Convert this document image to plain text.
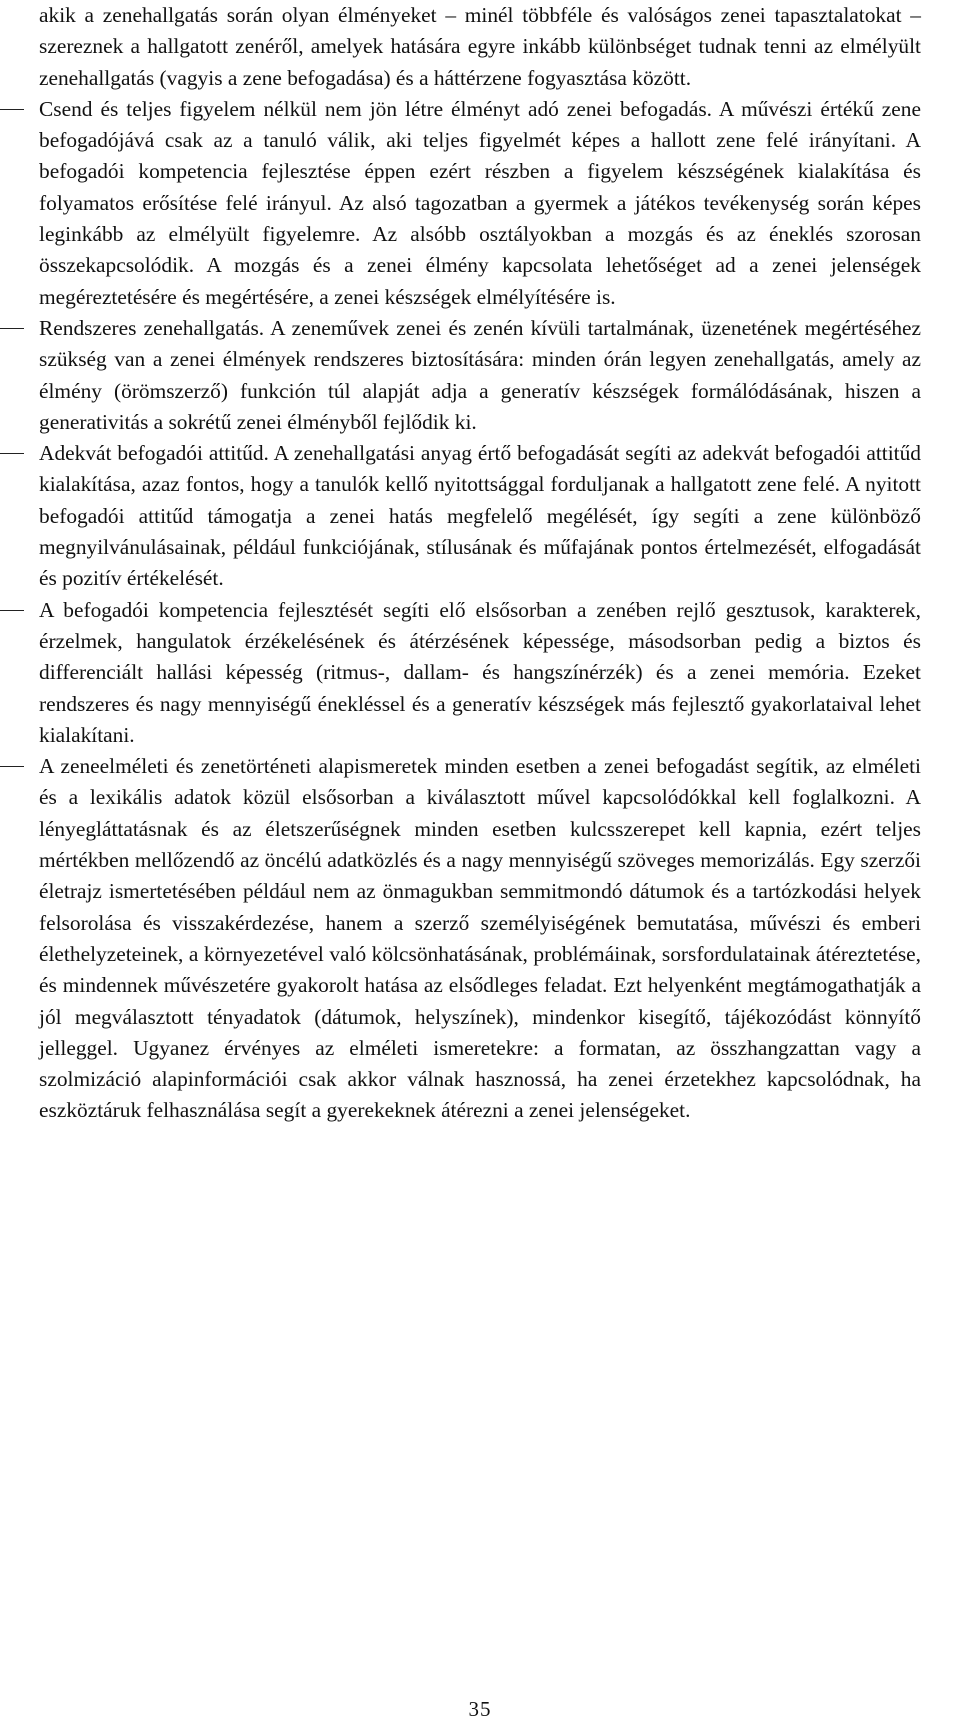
akik a zenehallgatás során olyan élményeket – minél többféle és valóságos zenei tapasztalatokat – szereznek a hallgatott zenéről, amelyek hatására egyre inkább különbséget tudnak tenni az elmélyült zenehallgatás (vagyis a zene befogadása) és a háttérzene fogyasztása között.

Csend és teljes figyelem nélkül nem jön létre élményt adó zenei befogadás. A művészi értékű zene befogadójává csak az a tanuló válik, aki teljes figyelmét képes a hallott zene felé irányítani. A befogadói kompetencia fejlesztése éppen ezért részben a figyelem készségének kialakítása és folyamatos erősítése felé irányul. Az alsó tagozatban a gyermek a játékos tevékenység során képes leginkább az elmélyült figyelemre. Az alsóbb osztályokban a mozgás és az éneklés szorosan összekapcsolódik. A mozgás és a zenei élmény kapcsolata lehetőséget ad a zenei jelenségek megéreztetésére és megértésére, a zenei készségek elmélyítésére is.

Rendszeres zenehallgatás. A zeneművek zenei és zenén kívüli tartalmának, üzenetének megértéséhez szükség van a zenei élmények rendszeres biztosítására: minden órán legyen zenehallgatás, amely az élmény (örömszerző) funkción túl alapját adja a generatív készségek formálódásának, hiszen a generativitás a sokrétű zenei élményből fejlődik ki.

Adekvát befogadói attitűd. A zenehallgatási anyag értő befogadását segíti az adekvát befogadói attitűd kialakítása, azaz fontos, hogy a tanulók kellő nyitottsággal forduljanak a hallgatott zene felé. A nyitott befogadói attitűd támogatja a zenei hatás megfelelő megélését, így segíti a zene különböző megnyilvánulásainak, például funkciójának, stílusának és műfajának pontos értelmezését, elfogadását és pozitív értékelését.

A befogadói kompetencia fejlesztését segíti elő elsősorban a zenében rejlő gesztusok, karakterek, érzelmek, hangulatok érzékelésének és átérzésének képessége, másodsorban pedig a biztos és differenciált hallási képesség (ritmus-, dallam- és hangszínérzék) és a zenei memória. Ezeket rendszeres és nagy mennyiségű énekléssel és a generatív készségek más fejlesztő gyakorlataival lehet kialakítani.

A zeneelméleti és zenetörténeti alapismeretek minden esetben a zenei befogadást segítik, az elméleti és a lexikális adatok közül elsősorban a kiválasztott művel kapcsolódókkal kell foglalkozni. A lényegláttatásnak és az életszerűségnek minden esetben kulcsszerepet kell kapnia, ezért teljes mértékben mellőzendő az öncélú adatközlés és a nagy mennyiségű szöveges memorizálás. Egy szerzői életrajz ismertetésében például nem az önmagukban semmitmondó dátumok és a tartózkodási helyek felsorolása és visszakérdezése, hanem a szerző személyiségének bemutatása, művészi és emberi élethelyzeteinek, a környezetével való kölcsönhatásának, problémáinak, sorsfordulatainak átéreztetése, és mindennek művészetére gyakorolt hatása az elsődleges feladat. Ezt helyenként megtámogathatják a jól megválasztott tényadatok (dátumok, helyszínek), mindenkor kisegítő, tájékozódást könnyítő jelleggel. Ugyanez érvényes az elméleti ismeretekre: a formatan, az összhangzattan vagy a szolmizáció alapinformációi csak akkor válnak hasznossá, ha zenei érzetekhez kapcsolódnak, ha eszköztáruk felhasználása segít a gyerekeknek átérezni a zenei jelenségeket.

35
